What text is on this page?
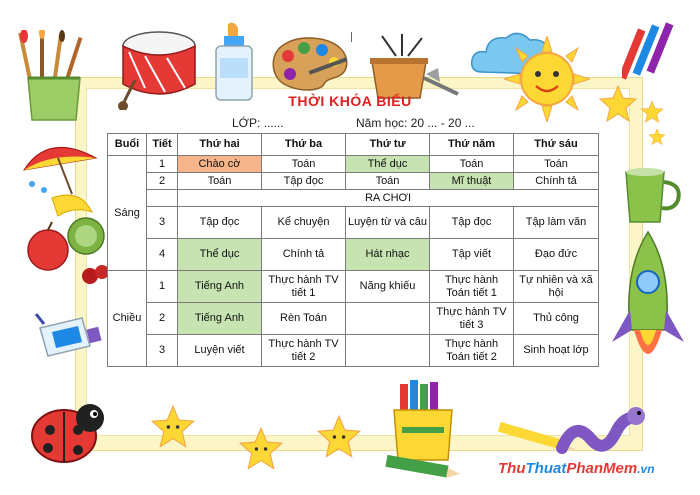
THỜI KHÓA BIỂU
LỚP: ......	Năm học: 20 ... - 20 ...
Buổi	Tiết	Thứ hai	Thứ ba	Thứ tư	Thứ năm	Thứ sáu
Sáng	1	Chào cờ	Toán	Thể dục	Toán	Toán
	2	Toán	Tập đọc	Toán	Mĩ thuật	Chính tả
		RA CHƠI				
	3	Tập đọc	Kể chuyện	Luyện từ và câu	Tập đọc	Tập làm văn
	4	Thể dục	Chính tả	Hát nhạc	Tập viết	Đạo đức
Chiều	1	Tiếng Anh	Thực hành TV tiết 1	Năng khiếu	Thực hành Toán tiết 1	Tự nhiên và xã hội
	2	Tiếng Anh	Rèn Toán		Thực hành TV tiết 3	Thủ công
	3	Luyện viết	Thực hành TV tiết 2		Thực hành Toán tiết 2	Sinh hoạt lớp
ThuThuatPhanMem.vn
